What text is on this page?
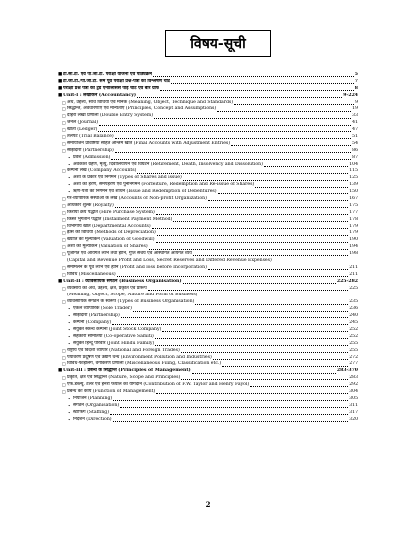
विषय-सूची
■ टी.सी.टी. एवं पी.जी.टी. परीक्षा योजना एवं पाठ्यक्रम	5
■ टी.जी.टी./पी.जी.टी. सम पूर्व परीक्षा प्रश्न-पत्रों का विश्लेषण चार्ट	7
■ परीक्षा प्रश्न पत्रों का ट्रेंड एनालिसिस पाई चार्ट एवं बार ग्राफ	8
■ Unit-I : लेखांकन (Accountancy)	9-224
□ अर्थ, उद्देश्य, सार्थ विधियाँ एवं मानक (Meaning, Object, Technique and Standards)	9
□ सिद्धान्त, अवधारणाएँ एवं मान्यताएँ (Principles, Concept and Assumptions)	19
□ दोहरा लेखा प्रणाली (Double Entry System)	33
□ जर्नल (Journal)	41
□ खाता (Ledger)	47
□ तलपट (Trial Balance)	51
□ समायोजन प्रविष्टियाँ सहित अन्तिम खाते (Final Accounts with Adjustment Entries)	54
□ साझेदारी (Partnership)	86
• प्रवेश (Admission)	87
• अवकाश ग्रहण, मृत्यु, दिवालियापन एवं विघटन (Retirement, Death, Insolvency and Dissolution)	104
□ कम्पनी लेखे (Company Accounts)	115
• अंशों के प्रकार एवं निर्गमन (Types of Shares and issue)	125
• अंशों का हरण, समपहरण एवं पुनर्निर्गमन (Forfeiture, Redemption and Re-issue of Shares)	139
• ऋण-पत्रों का निर्गमन एवं शोधन (Issue and Redemption of Debentures)	150
□ गैर-व्यापारिक संस्थाओं के लेखे (Accounts of Non-profit Organization)	167
□ अधिकार शुल्क (Royalty)	175
□ किराया क्रय पद्धति (Hire Purchase System)	177
□ किस्त भुगतान पद्धति (Instalment Payment Method)	178
□ विभागीय खाते (Departmental Accounts)	179
□ ह्रास की विधियाँ (Methods of Depreciation)	179
□ ख्याति का मूल्यांकन (Valuation of Goodwill)	190
□ अंशों का मूल्यांकन (Valuation of Shares)	194
□ पूँजीगत एवं आयगत लाभ तथा हानि, गुप्त संचय एवं आस्थगित आयगत व्यय	198
(Capital and Revenue Profit and Loss, Secret Reserves and Differed Revenue Expenses)
□ समामेलन के पूर्व लाभ एवं हानि (Profit and loss before Incorporation)	211
□ विविध (Miscellaneous)	211
■ Unit-II : व्यावसायिक संगठन (Business Organisation)	225-282
□ व्यवसाय का अर्थ, उद्देश्य, क्षेत्र, प्रकृति एवं प्रारूप	225
(Meaning, Object, Scope, Nature and Form of Business)
□ व्यावसायिक संगठन के स्वरूप (Types of Business Organisation)	235
• एकल व्यापारिक (Sole Trader)	236
• साझेदारी (Partnership)	240
• कम्पनी (Company)	245
• संयुक्त स्कन्ध कम्पनी (Joint Stock Company)	252
• सहकारी समितियाँ (Co-operative Samiti)	252
• संयुक्त हिन्दू परिवार (Joint Hindu Family)	255
□ राष्ट्रीय एवं विदेशी व्यापार (National and Foreign Trades)	255
□ पर्यावरण प्रदूषण एवं उद्योग धन्धे (Environment Pollution and Industries)	272
□ विविध-फाइलिंग, वर्गीकरण प्रणाली (Miscellaneous Filing, Classification etc.)	277
■ Unit-III : प्रबन्ध के सिद्धान्त (Principles of Management)	283-370
□ प्रकृति, क्षेत्र एवं सिद्धान्त (Nature, Scope and Principles)	283
□ एफ.डब्ल्यू. टेलर एवं हेनरी फेयोल का योगदान (Contribution of F.W. Taylor and Henry Fayol)	292
□ प्रबन्ध का कार्य (Function of Management)	304
• नियोजन (Planning)	305
• संगठन (Organisation)	311
• स्टाफिंग (Staffing)	317
• निर्देशन (Direction)	320
2
